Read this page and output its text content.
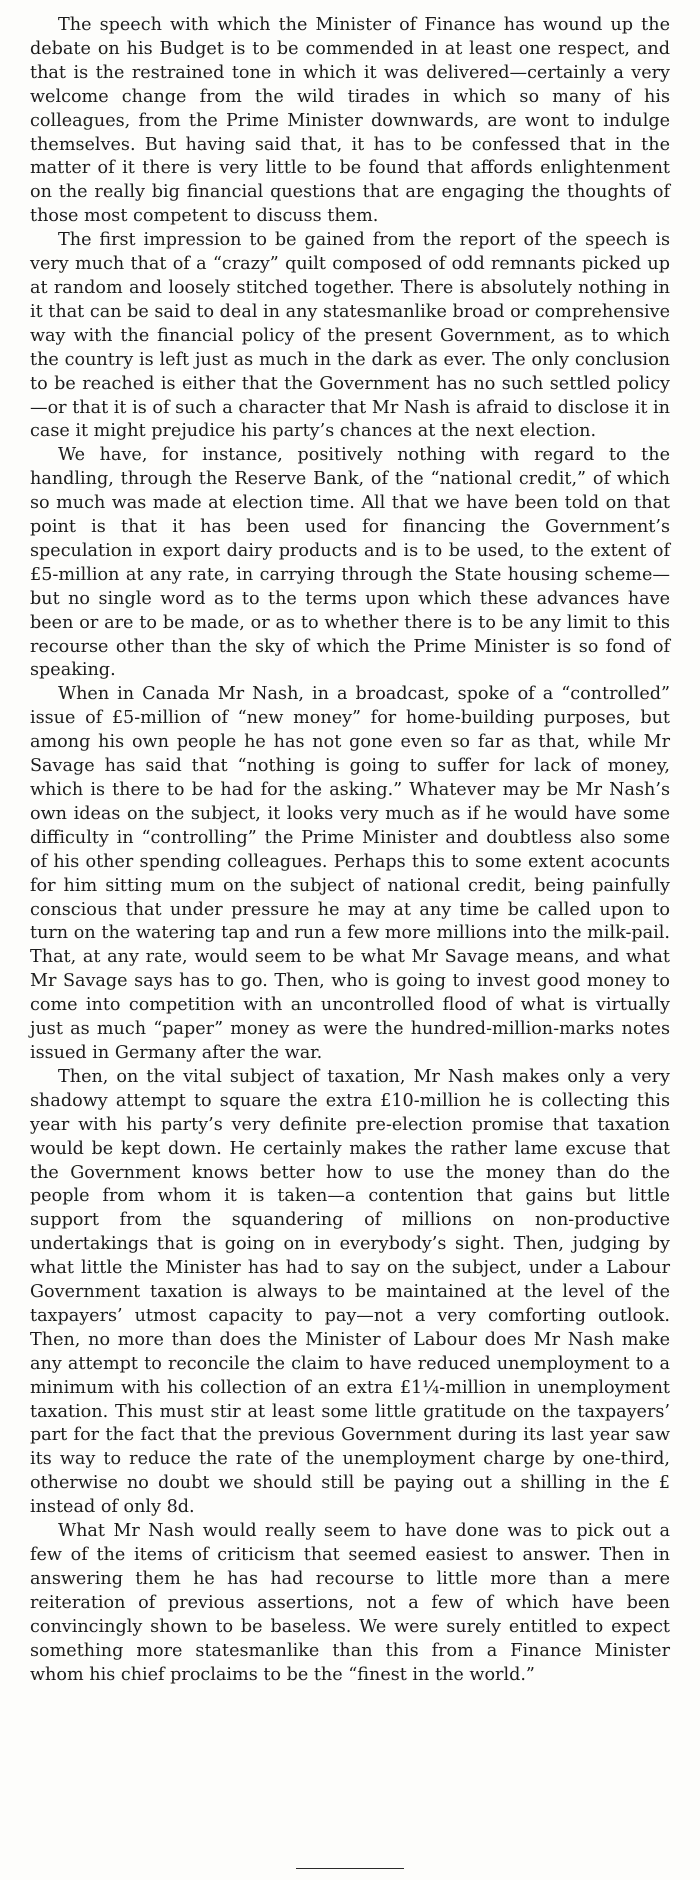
The speech with which the Minister of Finance has wound up the debate on his Budget is to be commended in at least one respect, and that is the restrained tone in which it was delivered—certainly a very welcome change from the wild tirades in which so many of his colleagues, from the Prime Minister downwards, are wont to indulge themselves. But having said that, it has to be confessed that in the matter of it there is very little to be found that affords enlightenment on the really big financial questions that are engaging the thoughts of those most competent to discuss them.

The first impression to be gained from the report of the speech is very much that of a “crazy” quilt composed of odd remnants picked up at random and loosely stitched together. There is absolutely nothing in it that can be said to deal in any statesmanlike broad or comprehensive way with the financial policy of the present Government, as to which the country is left just as much in the dark as ever. The only conclusion to be reached is either that the Government has no such settled policy—or that it is of such a character that Mr Nash is afraid to disclose it in case it might prejudice his party’s chances at the next election.

We have, for instance, positively nothing with regard to the handling, through the Reserve Bank, of the “national credit,” of which so much was made at election time. All that we have been told on that point is that it has been used for financing the Government’s speculation in export dairy products and is to be used, to the extent of £5-million at any rate, in carrying through the State housing scheme—but no single word as to the terms upon which these advances have been or are to be made, or as to whether there is to be any limit to this recourse other than the sky of which the Prime Minister is so fond of speaking.

When in Canada Mr Nash, in a broadcast, spoke of a “controlled” issue of £5-million of “new money” for home-building purposes, but among his own people he has not gone even so far as that, while Mr Savage has said that “nothing is going to suffer for lack of money, which is there to be had for the asking.” Whatever may be Mr Nash’s own ideas on the subject, it looks very much as if he would have some difficulty in “controlling” the Prime Minister and doubtless also some of his other spending colleagues. Perhaps this to some extent acocunts for him sitting mum on the subject of national credit, being painfully conscious that under pressure he may at any time be called upon to turn on the watering tap and run a few more millions into the milk-pail. That, at any rate, would seem to be what Mr Savage means, and what Mr Savage says has to go. Then, who is going to invest good money to come into competition with an uncontrolled flood of what is virtually just as much “paper” money as were the hundred-million-marks notes issued in Germany after the war.

Then, on the vital subject of taxation, Mr Nash makes only a very shadowy attempt to square the extra £10-million he is collecting this year with his party’s very definite pre-election promise that taxation would be kept down. He certainly makes the rather lame excuse that the Government knows better how to use the money than do the people from whom it is taken—a contention that gains but little support from the squandering of millions on non-productive undertakings that is going on in everybody’s sight. Then, judging by what little the Minister has had to say on the subject, under a Labour Government taxation is always to be maintained at the level of the taxpayers’ utmost capacity to pay—not a very comforting outlook. Then, no more than does the Minister of Labour does Mr Nash make any attempt to reconcile the claim to have reduced unemployment to a minimum with his collection of an extra £1¼-million in unemployment taxation. This must stir at least some little gratitude on the taxpayers’ part for the fact that the previous Government during its last year saw its way to reduce the rate of the unemployment charge by one-third, otherwise no doubt we should still be paying out a shilling in the £ instead of only 8d.

What Mr Nash would really seem to have done was to pick out a few of the items of criticism that seemed easiest to answer. Then in answering them he has had recourse to little more than a mere reiteration of previous assertions, not a few of which have been convincingly shown to be baseless. We were surely entitled to expect something more statesmanlike than this from a Finance Minister whom his chief proclaims to be the “finest in the world.”
